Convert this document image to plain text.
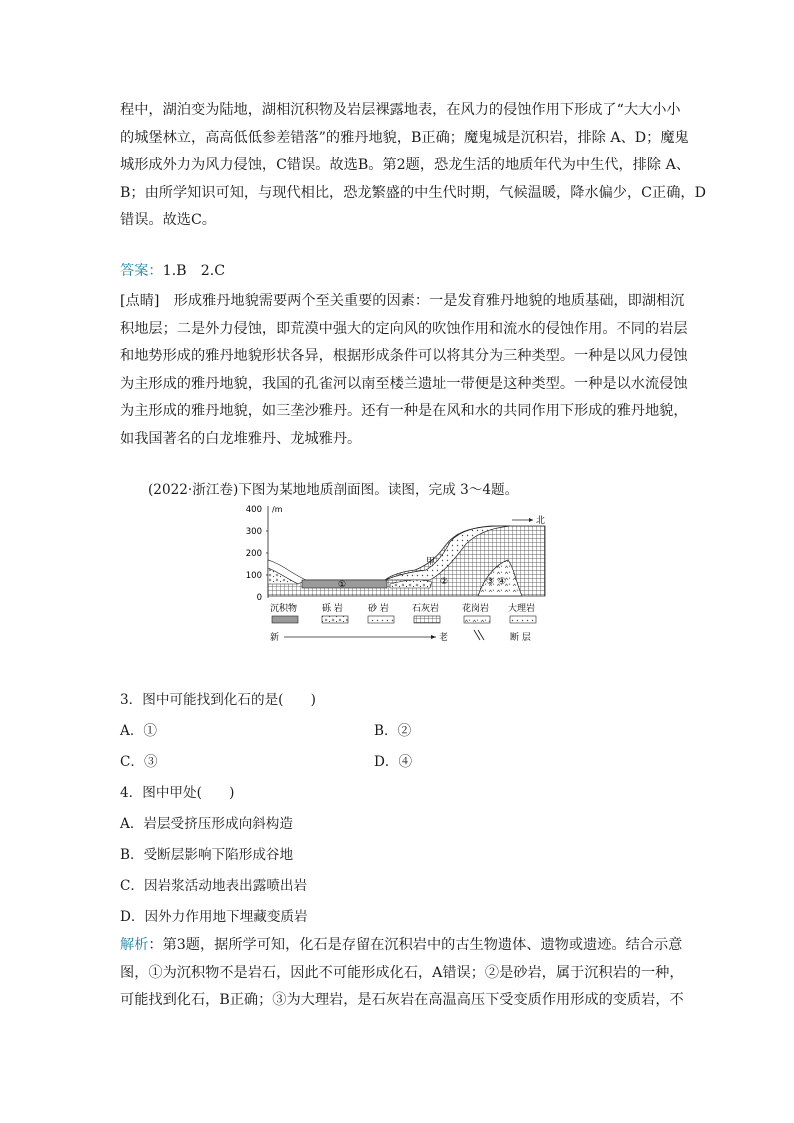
程中，湖泊变为陆地，湖相沉积物及岩层裸露地表，在风力的侵蚀作用下形成了“大大小小
的城堡林立，高高低低参差错落”的雅丹地貌，B正确；魔鬼城是沉积岩，排除 A、D；魔鬼
城形成外力为风力侵蚀，C错误。故选B。第2题，恐龙生活的地质年代为中生代，排除 A、
B；由所学知识可知，与现代相比，恐龙繁盛的中生代时期，气候温暖，降水偏少，C正确，D
错误。故选C。
答案：1.B　2.C
[点睛]　形成雅丹地貌需要两个至关重要的因素：一是发育雅丹地貌的地质基础，即湖相沉
积地层；二是外力侵蚀，即荒漠中强大的定向风的吹蚀作用和流水的侵蚀作用。不同的岩层
和地势形成的雅丹地貌形状各异，根据形成条件可以将其分为三种类型。一种是以风力侵蚀
为主形成的雅丹地貌，我国的孔雀河以南至楼兰遗址一带便是这种类型。一种是以水流侵蚀
为主形成的雅丹地貌，如三垄沙雅丹。还有一种是在风和水的共同作用下形成的雅丹地貌，
如我国著名的白龙堆雅丹、龙城雅丹。
(2022·浙江卷)下图为某地地质剖面图。读图，完成 3～4题。
/m
400
300
200
100
0
北
甲
①	②	③ ④
沉积物	砾 岩	砂 岩	石灰岩	花岗岩 大理岩
新	老	断 层
3．图中可能找到化石的是(　　)
A．①	B．②
C．③	D．④
4．图中甲处(　　)
A．岩层受挤压形成向斜构造
B．受断层影响下陷形成谷地
C．因岩浆活动地表出露喷出岩
D．因外力作用地下埋藏变质岩
解析：第3题，据所学可知，化石是存留在沉积岩中的古生物遗体、遗物或遗迹。结合示意
图，①为沉积物不是岩石，因此不可能形成化石，A错误；②是砂岩，属于沉积岩的一种，
可能找到化石，B正确；③为大理岩，是石灰岩在高温高压下受变质作用形成的变质岩，不
